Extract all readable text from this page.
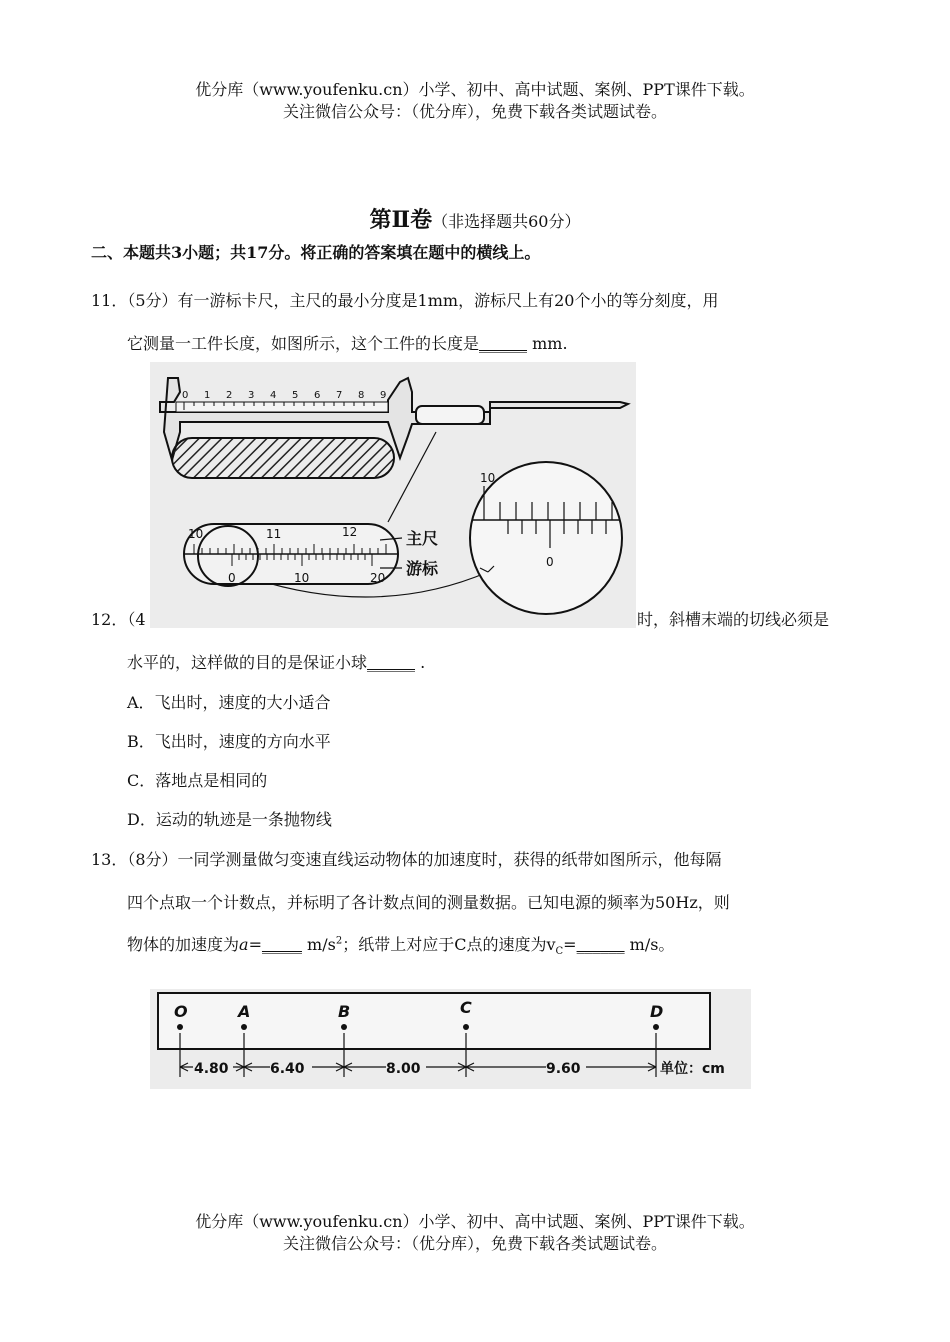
优分库（www.youfenku.cn）小学、初中、高中试题、案例、PPT课件下载。
关注微信公众号：（优分库），免费下载各类试题试卷。
第Ⅱ卷（非选择题共60分）
二、本题共3小题；共17分。将正确的答案填在题中的横线上。
11．（5分）有一游标卡尺，主尺的最小分度是1mm，游标尺上有20个小的等分刻度，用
它测量一工件长度，如图所示，这个工件的长度是______ mm.
0 1 2 3 4 5 6 7 8 9
10	11	12
0	10	20
主尺
游标
10
0
12．（4	时，斜槽末端的切线必须是
水平的，这样做的目的是保证小球______ .
A．飞出时，速度的大小适合
B．飞出时，速度的方向水平
C．落地点是相同的
D．运动的轨迹是一条抛物线
13．（8分）一同学测量做匀变速直线运动物体的加速度时，获得的纸带如图所示，他每隔
四个点取一个计数点，并标明了各计数点间的测量数据。已知电源的频率为50Hz，则
物体的加速度为a=_____ $m/s^2$；纸带上对应于C点的速度为$v_C=\_\_\_\_\_\_$ m/s。
O	A	B	C	D
4.80	6.40	8.00	9.60	单位：cm
优分库（www.youfenku.cn）小学、初中、高中试题、案例、PPT课件下载。
关注微信公众号：（优分库），免费下载各类试题试卷。
